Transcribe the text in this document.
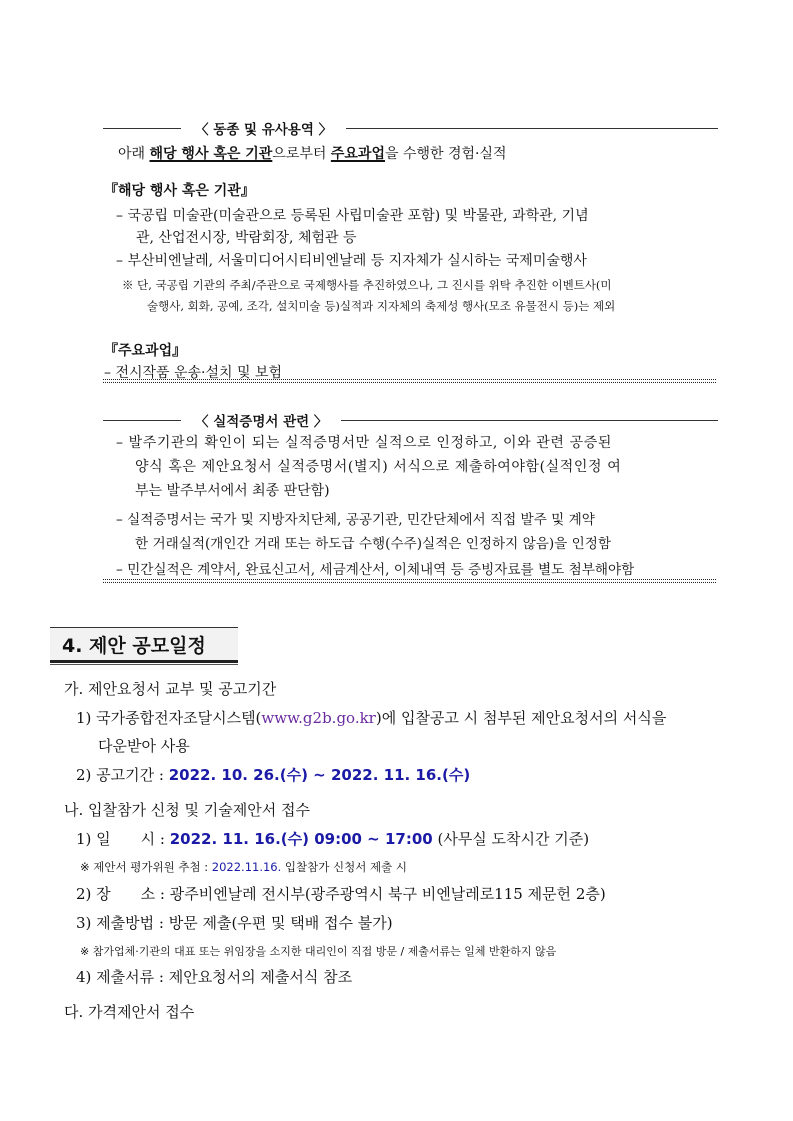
〈 동종 및 유사용역 〉
아래 해당 행사 혹은 기관으로부터 주요과업을 수행한 경험·실적
『해당 행사 혹은 기관』
– 국공립 미술관(미술관으로 등록된 사립미술관 포함) 및 박물관, 과학관, 기념
관, 산업전시장, 박람회장, 체험관 등
– 부산비엔날레, 서울미디어시티비엔날레 등 지자체가 실시하는 국제미술행사
※ 단, 국공립 기관의 주최/주관으로 국제행사를 추진하였으나, 그 진시를 위탁 추진한 이벤트사(미
술행사, 회화, 공예, 조각, 설치미술 등)실적과 지자체의 축제성 행사(모조 유물전시 등)는 제외
『주요과업』
– 전시작품 운송·설치 및 보험
〈 실적증명서 관련 〉
– 발주기관의 확인이 되는 실적증명서만 실적으로 인정하고, 이와 관련 공증된
양식 혹은 제안요청서 실적증명서(별지) 서식으로 제출하여야함(실적인정 여
부는 발주부서에서 최종 판단함)
– 실적증명서는 국가 및 지방자치단체, 공공기관, 민간단체에서 직접 발주 및 계약
한 거래실적(개인간 거래 또는 하도급 수행(수주)실적은 인정하지 않음)을 인정함
– 민간실적은 계약서, 완료신고서, 세금계산서, 이체내역 등 증빙자료를 별도 첨부해야함
4. 제안 공모일정
가. 제안요청서 교부 및 공고기간
1) 국가종합전자조달시스템(www.g2b.go.kr)에 입찰공고 시 첨부된 제안요청서의 서식을
다운받아 사용
2) 공고기간 : 2022. 10. 26.(수) ~ 2022. 11. 16.(수)
나. 입찰참가 신청 및 기술제안서 접수
1) 일　　시 : 2022. 11. 16.(수) 09:00 ~ 17:00 (사무실 도착시간 기준)
※ 제안서 평가위원 추첨 : 2022.11.16. 입찰참가 신청서 제출 시
2) 장　　소 : 광주비엔날레 전시부(광주광역시 북구 비엔날레로115 제문헌 2층)
3) 제출방법 : 방문 제출(우편 및 택배 접수 불가)
※ 참가업체·기관의 대표 또는 위임장을 소지한 대리인이 직접 방문 / 제출서류는 일체 반환하지 않음
4) 제출서류 : 제안요청서의 제출서식 참조
다. 가격제안서 접수
